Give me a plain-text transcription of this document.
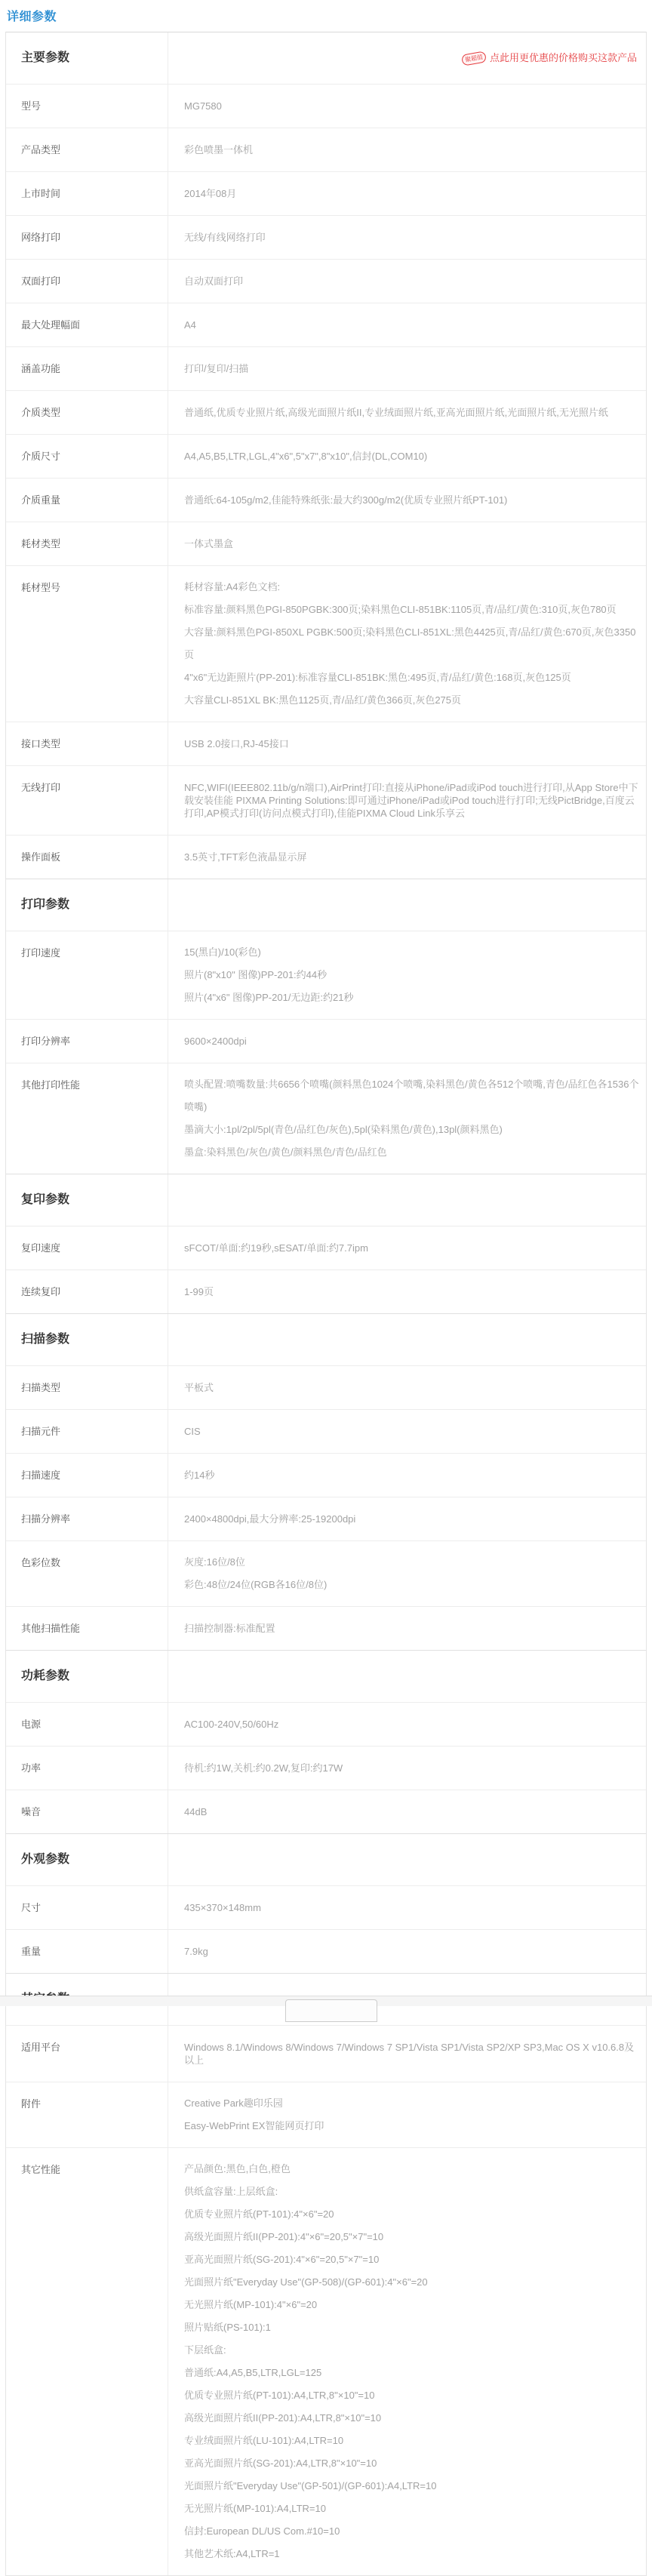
详细参数
主要参数	聚超值 点此用更优惠的价格购买这款产品
型号	MG7580
产品类型	彩色喷墨一体机
上市时间	2014年08月
网络打印	无线/有线网络打印
双面打印	自动双面打印
最大处理幅面	A4
涵盖功能	打印/复印/扫描
介质类型	普通纸,优质专业照片纸,高级光面照片纸II,专业绒面照片纸,亚高光面照片纸,光面照片纸,无光照片纸
介质尺寸	A4,A5,B5,LTR,LGL,4"x6",5"x7",8"x10",信封(DL,COM10)
介质重量	普通纸:64-105g/m2,佳能特殊纸张:最大约300g/m2(优质专业照片纸PT-101)
耗材类型	一体式墨盒
耗材型号	耗材容量:A4彩色文档:
标准容量:颜料黑色PGI-850PGBK:300页;染料黑色CLI-851BK:1105页,青/品红/黄色:310页,灰色780页
大容量:颜料黑色PGI-850XL PGBK:500页;染料黑色CLI-851XL:黑色4425页,青/品红/黄色:670页,灰色3350页
4"x6"无边距照片(PP-201):标准容量CLI-851BK:黑色:495页,青/品红/黄色:168页,灰色125页
大容量CLI-851XL BK:黑色1125页,青/品红/黄色366页,灰色275页
接口类型	USB 2.0接口,RJ-45接口
无线打印	NFC,WIFI(IEEE802.11b/g/n端口),AirPrint打印:直接从iPhone/iPad或iPod touch进行打印,从App Store中下载安装佳能 PIXMA Printing Solutions:即可通过iPhone/iPad或iPod touch进行打印;无线PictBridge,百度云打印,AP模式打印(访问点模式打印),佳能PIXMA Cloud Link乐享云
操作面板	3.5英寸,TFT彩色液晶显示屏
打印参数
打印速度	15(黑白)/10(彩色)
照片(8"x10" 图像)PP-201:约44秒
照片(4"x6" 图像)PP-201/无边距:约21秒
打印分辨率	9600×2400dpi
其他打印性能	喷头配置:喷嘴数量:共6656个喷嘴(颜料黑色1024个喷嘴,染料黑色/黄色各512个喷嘴,青色/品红色各1536个喷嘴)
墨滴大小:1pl/2pl/5pl(青色/品红色/灰色),5pl(染料黑色/黄色),13pl(颜料黑色)
墨盒:染料黑色/灰色/黄色/颜料黑色/青色/品红色
复印参数
复印速度	sFCOT/单面:约19秒,sESAT/单面:约7.7ipm
连续复印	1-99页
扫描参数
扫描类型	平板式
扫描元件	CIS
扫描速度	约14秒
扫描分辨率	2400×4800dpi,最大分辨率:25-19200dpi
色彩位数	灰度:16位/8位
彩色:48位/24位(RGB各16位/8位)
其他扫描性能	扫描控制器:标准配置
功耗参数
电源	AC100-240V,50/60Hz
功率	待机:约1W,关机:约0.2W,复印:约17W
噪音	44dB
外观参数
尺寸	435×370×148mm
重量	7.9kg
适用平台	Windows 8.1/Windows 8/Windows 7/Windows 7 SP1/Vista SP1/Vista SP2/XP SP3,Mac OS X v10.6.8及以上
附件	Creative Park趣印乐园
Easy-WebPrint EX智能网页打印
其它性能	产品颜色:黑色,白色,橙色
供纸盒容量:上层纸盒:
优质专业照片纸(PT-101):4"×6"=20
高级光面照片纸II(PP-201):4"×6"=20,5"×7"=10
亚高光面照片纸(SG-201):4"×6"=20,5"×7"=10
光面照片纸"Everyday Use"(GP-508)/(GP-601):4"×6"=20
无光照片纸(MP-101):4"×6"=20
照片贴纸(PS-101):1
下层纸盒:
普通纸:A4,A5,B5,LTR,LGL=125
优质专业照片纸(PT-101):A4,LTR,8"×10"=10
高级光面照片纸II(PP-201):A4,LTR,8"×10"=10
专业绒面照片纸(LU-101):A4,LTR=10
亚高光面照片纸(SG-201):A4,LTR,8"×10"=10
光面照片纸"Everyday Use"(GP-501)/(GP-601):A4,LTR=10
无光照片纸(MP-101):A4,LTR=10
信封:European DL/US Com.#10=10
其他艺术纸:A4,LTR=1
